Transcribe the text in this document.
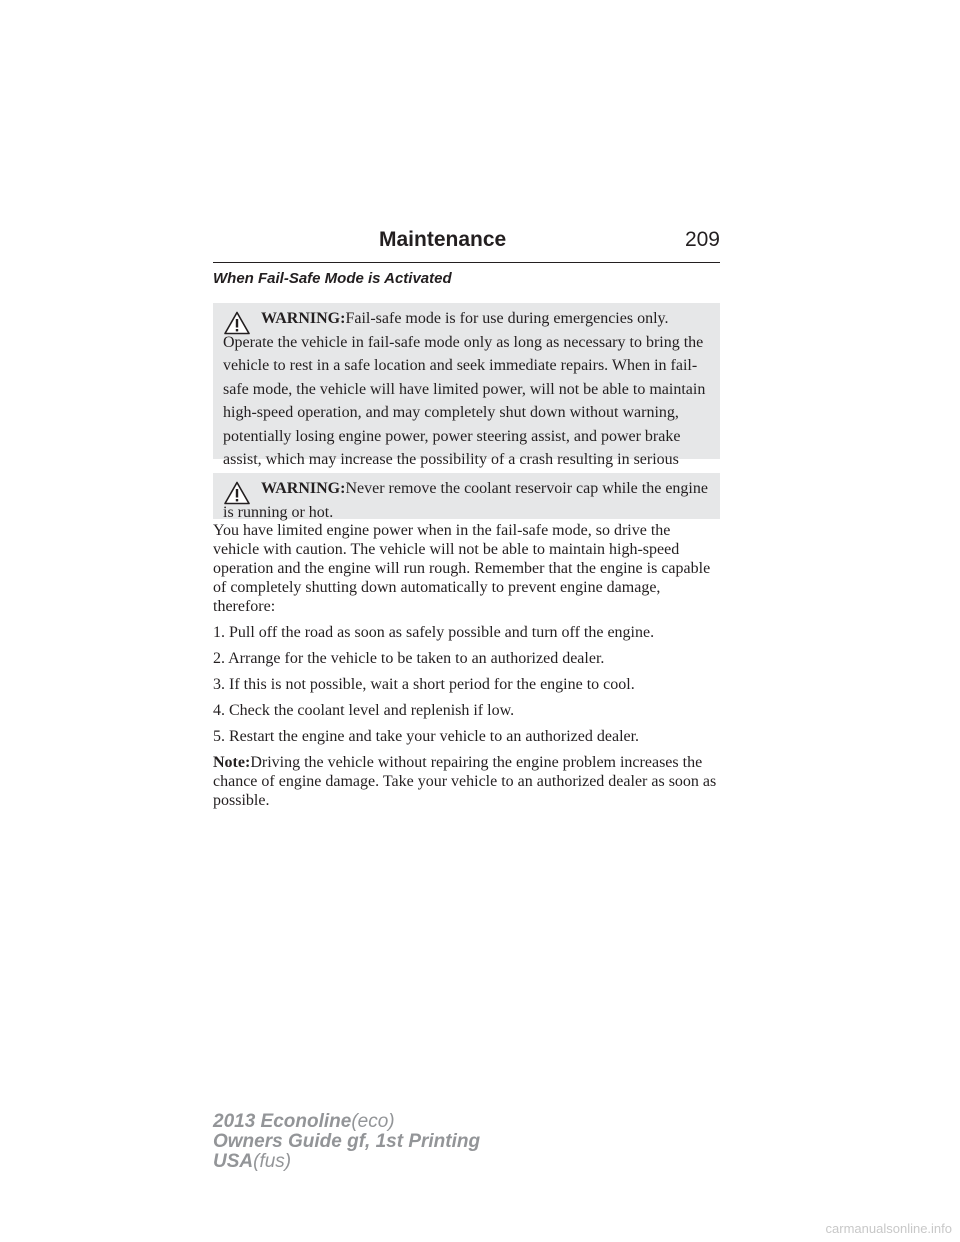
Maintenance	209
When Fail-Safe Mode is Activated

WARNING:Fail-safe mode is for use during emergencies only. Operate the vehicle in fail-safe mode only as long as necessary to bring the vehicle to rest in a safe location and seek immediate repairs. When in fail-safe mode, the vehicle will have limited power, will not be able to maintain high-speed operation, and may completely shut down without warning, potentially losing engine power, power steering assist, and power brake assist, which may increase the possibility of a crash resulting in serious

WARNING:Never remove the coolant reservoir cap while the engine is running or hot.

You have limited engine power when in the fail-safe mode, so drive the vehicle with caution. The vehicle will not be able to maintain high-speed operation and the engine will run rough. Remember that the engine is capable of completely shutting down automatically to prevent engine damage, therefore:

1. Pull off the road as soon as safely possible and turn off the engine.

2. Arrange for the vehicle to be taken to an authorized dealer.

3. If this is not possible, wait a short period for the engine to cool.

4. Check the coolant level and replenish if low.

5. Restart the engine and take your vehicle to an authorized dealer.

Note:Driving the vehicle without repairing the engine problem increases the chance of engine damage. Take your vehicle to an authorized dealer as soon as possible.

2013 Econoline(eco)
Owners Guide gf, 1st Printing
USA(fus)
carmanualsonline.info
